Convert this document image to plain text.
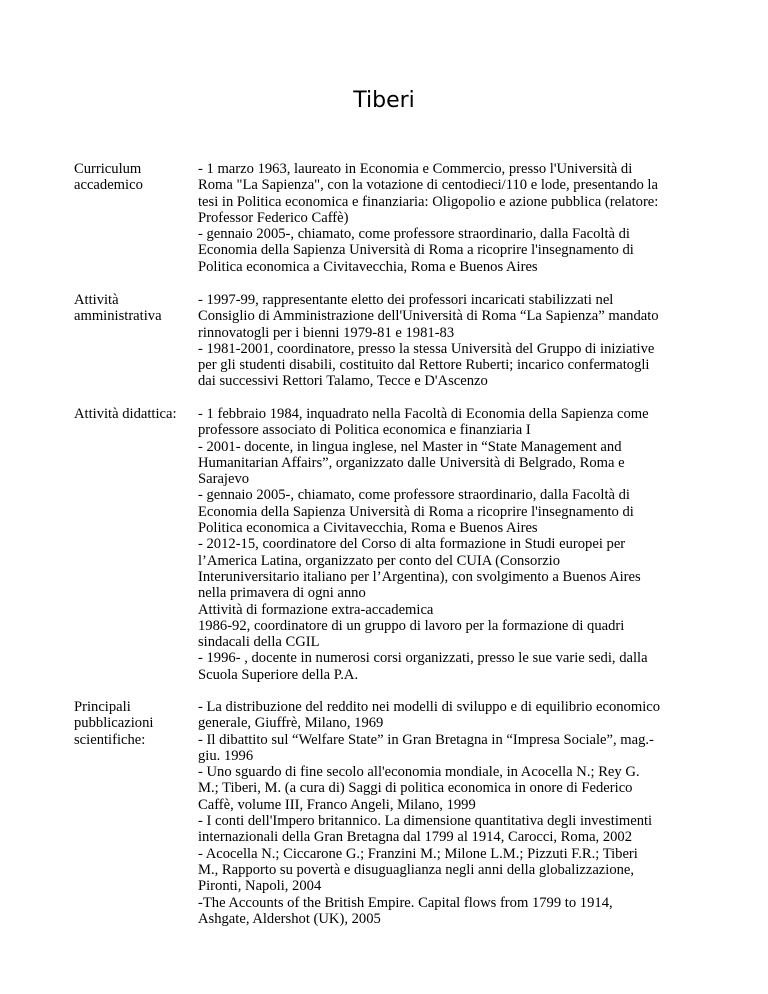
Tiberi
Curriculum
accademico
- 1 marzo 1963, laureato in Economia e Commercio, presso l'Università di
Roma "La Sapienza", con la votazione di centodieci/110 e lode, presentando la
tesi in Politica economica e finanziaria: Oligopolio e azione pubblica (relatore:
Professor Federico Caffè)
- gennaio 2005-, chiamato, come professore straordinario, dalla Facoltà di
Economia della Sapienza Università di Roma a ricoprire l'insegnamento di
Politica economica a Civitavecchia, Roma e Buenos Aires
Attività
amministrativa
- 1997-99, rappresentante eletto dei professori incaricati stabilizzati nel
Consiglio di Amministrazione dell'Università di Roma “La Sapienza” mandato
rinnovatogli per i bienni 1979-81 e 1981-83
- 1981-2001, coordinatore, presso la stessa Università del Gruppo di iniziative
per gli studenti disabili, costituito dal Rettore Ruberti; incarico confermatogli
dai successivi Rettori Talamo, Tecce e D'Ascenzo
Attività didattica:	- 1 febbraio 1984, inquadrato nella Facoltà di Economia della Sapienza come
professore associato di Politica economica e finanziaria I
- 2001- docente, in lingua inglese, nel Master in “State Management and
Humanitarian Affairs”, organizzato dalle Università di Belgrado, Roma e
Sarajevo
- gennaio 2005-, chiamato, come professore straordinario, dalla Facoltà di
Economia della Sapienza Università di Roma a ricoprire l'insegnamento di
Politica economica a Civitavecchia, Roma e Buenos Aires
- 2012-15, coordinatore del Corso di alta formazione in Studi europei per
l’America Latina, organizzato per conto del CUIA (Consorzio
Interuniversitario italiano per l’Argentina), con svolgimento a Buenos Aires
nella primavera di ogni anno
Attività di formazione extra-accademica
1986-92, coordinatore di un gruppo di lavoro per la formazione di quadri
sindacali della CGIL
- 1996- , docente in numerosi corsi organizzati, presso le sue varie sedi, dalla
Scuola Superiore della P.A.
Principali
pubblicazioni
scientifiche:
- La distribuzione del reddito nei modelli di sviluppo e di equilibrio economico
generale, Giuffrè, Milano, 1969
- Il dibattito sul “Welfare State” in Gran Bretagna in “Impresa Sociale”, mag.-
giu. 1996
- Uno sguardo di fine secolo all'economia mondiale, in Acocella N.; Rey G.
M.; Tiberi, M. (a cura di) Saggi di politica economica in onore di Federico
Caffè, volume III, Franco Angeli, Milano, 1999
- I conti dell'Impero britannico. La dimensione quantitativa degli investimenti
internazionali della Gran Bretagna dal 1799 al 1914, Carocci, Roma, 2002
- Acocella N.; Ciccarone G.; Franzini M.; Milone L.M.; Pizzuti F.R.; Tiberi
M., Rapporto su povertà e disuguaglianza negli anni della globalizzazione,
Pironti, Napoli, 2004
-The Accounts of the British Empire. Capital flows from 1799 to 1914,
Ashgate, Aldershot (UK), 2005
